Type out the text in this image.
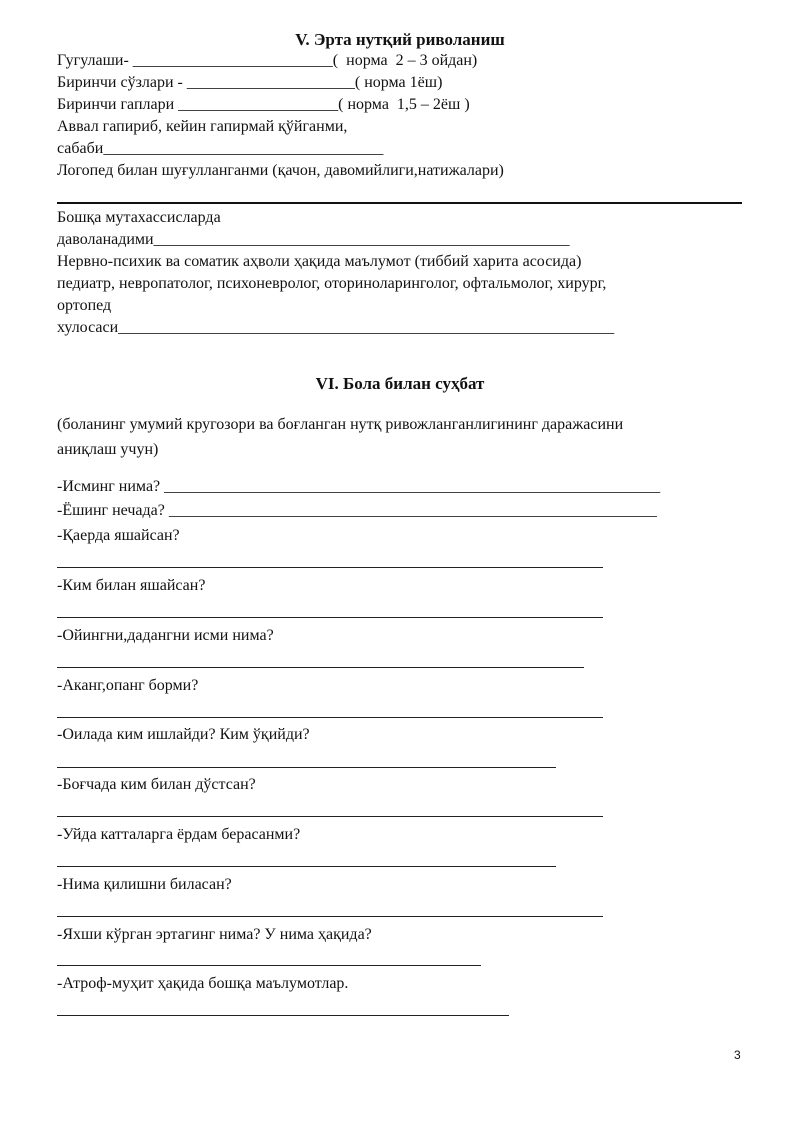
V. Эрта нутқий риволаниш
Гугулаши- _________________________(  норма  2 – 3 ойдан)
Биринчи сўзлари - _____________________( норма 1ёш)
Биринчи гаплари ____________________( норма  1,5 – 2ёш )
Аввал гапириб, кейин гапирмай қўйганми,
сабаби___________________________________
Логопед билан шуғулланганми (қачон, давомийлиги,натижалари)
Бошқа мутахассисларда
даволанадими____________________________________________________
Нервно-психик ва соматик аҳволи ҳақида маълумот (тиббий харита асосида)
педиатр, невропатолог, психоневролог, оториноларинголог, офтальмолог, хирург,
ортопед
хулосаси______________________________________________________________
VI. Бола билан суҳбат
(боланинг умумий кругозори ва боғланган нутқ ривожланганлигининг даражасини
аниқлаш учун)
-Исминг нима? ______________________________________________________________
-Ёшинг нечада? _____________________________________________________________
-Қаерда яшайсан?
-Ким билан яшайсан?
-Ойингни,дадангни исми нима?
-Аканг,опанг борми?
-Оилада ким ишлайди? Ким ўқийди?
-Боғчада ким билан дўстсан?
-Уйда катталарга ёрдам берасанми?
-Нима қилишни биласан?
-Яхши кўрган эртагинг нима? У нима ҳақида?
-Атроф-муҳит ҳақида бошқа маълумотлар.
3
